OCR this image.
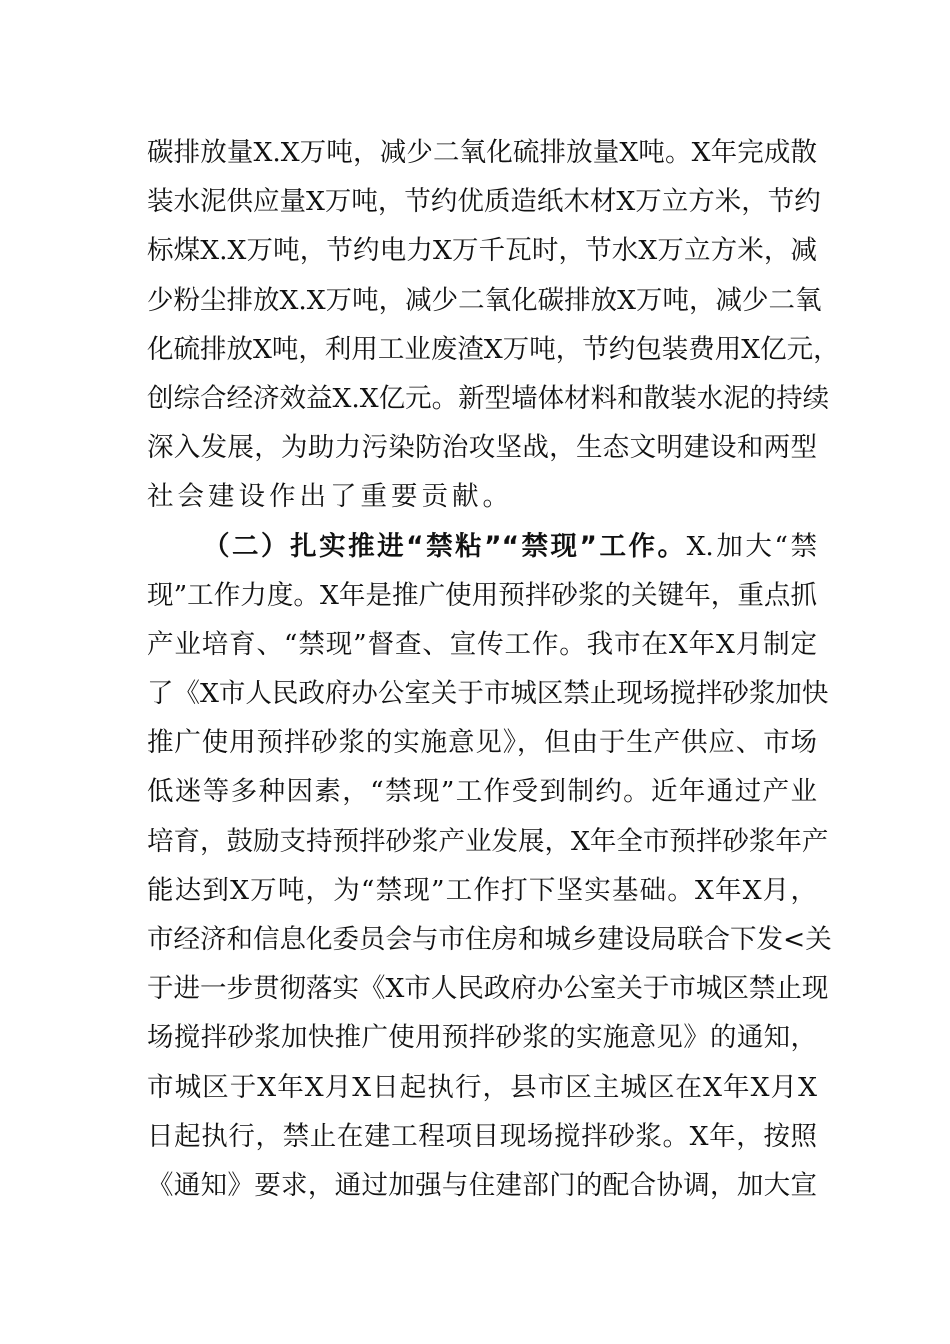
碳排放量X.X万吨，减少二氧化硫排放量X吨。X年完成散
装水泥供应量X万吨，节约优质造纸木材X万立方米，节约
标煤X.X万吨，节约电力X万千瓦时，节水X万立方米，减
少粉尘排放X.X万吨，减少二氧化碳排放X万吨，减少二氧
化硫排放X吨，利用工业废渣X万吨，节约包装费用X亿元，
创综合经济效益X.X亿元。新型墙体材料和散装水泥的持续
深入发展，为助力污染防治攻坚战，生态文明建设和两型
社会建设作出了重要贡献。
（二）扎实推进“禁粘”“禁现”工作。X.加大“禁
现”工作力度。X年是推广使用预拌砂浆的关键年，重点抓
产业培育、“禁现”督查、宣传工作。我市在X年X月制定
了《X市人民政府办公室关于市城区禁止现场搅拌砂浆加快
推广使用预拌砂浆的实施意见》，但由于生产供应、市场
低迷等多种因素，“禁现”工作受到制约。近年通过产业
培育，鼓励支持预拌砂浆产业发展，X年全市预拌砂浆年产
能达到X万吨，为“禁现”工作打下坚实基础。X年X月，
市经济和信息化委员会与市住房和城乡建设局联合下发<关
于进一步贯彻落实《X市人民政府办公室关于市城区禁止现
场搅拌砂浆加快推广使用预拌砂浆的实施意见》的通知，
市城区于X年X月X日起执行，县市区主城区在X年X月X
日起执行，禁止在建工程项目现场搅拌砂浆。X年，按照
《通知》要求，通过加强与住建部门的配合协调，加大宣
